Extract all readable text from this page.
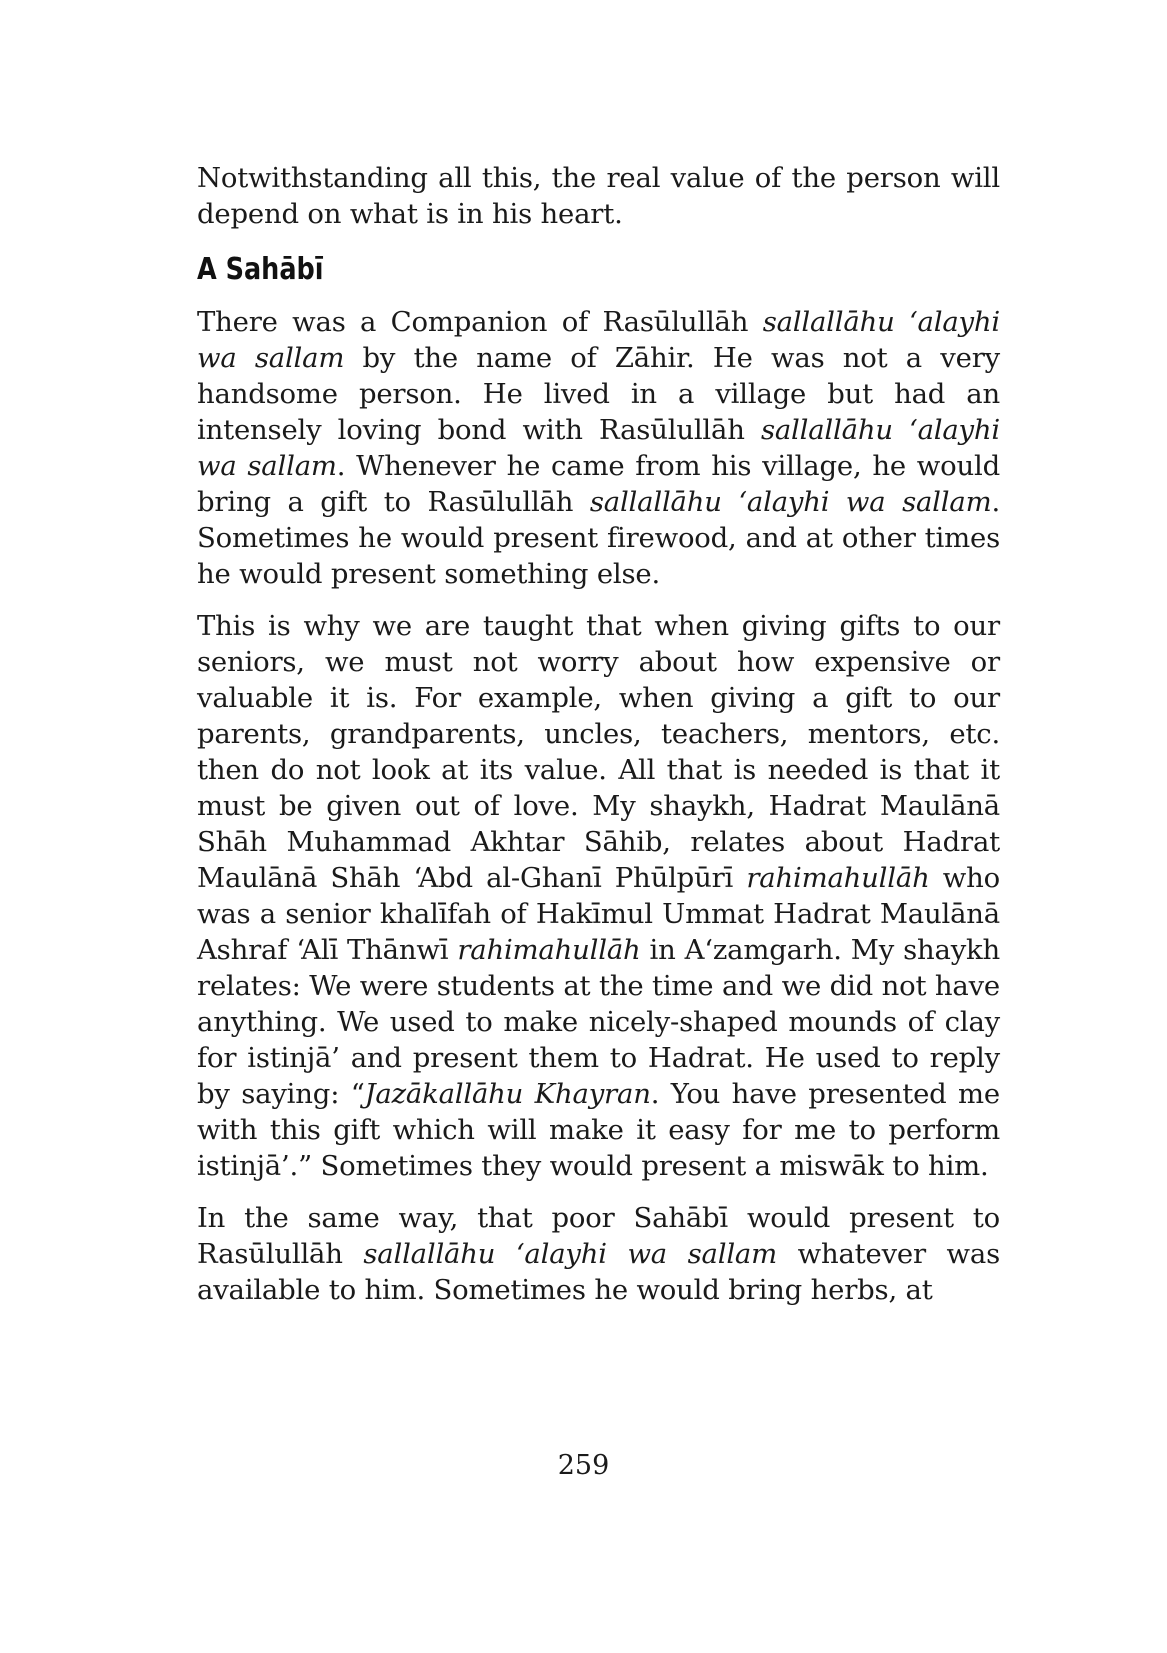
Notwithstanding all this, the real value of the person will depend on what is in his heart.

A Sahābī

There was a Companion of Rasūlullāh sallallāhu ‘alayhi wa sallam by the name of Zāhir. He was not a very handsome person. He lived in a village but had an intensely loving bond with Rasūlullāh sallallāhu ‘alayhi wa sallam. Whenever he came from his village, he would bring a gift to Rasūlullāh sallallāhu ‘alayhi wa sallam. Sometimes he would present firewood, and at other times he would present something else.

This is why we are taught that when giving gifts to our seniors, we must not worry about how expensive or valuable it is. For example, when giving a gift to our parents, grandparents, uncles, teachers, mentors, etc. then do not look at its value. All that is needed is that it must be given out of love. My shaykh, Hadrat Maulānā Shāh Muhammad Akhtar Sāhib, relates about Hadrat Maulānā Shāh ‘Abd al-Ghanī Phūlpūrī rahimahullāh who was a senior khalīfah of Hakīmul Ummat Hadrat Maulānā Ashraf ‘Alī Thānwī rahimahullāh in A‘zamgarh. My shaykh relates: We were students at the time and we did not have anything. We used to make nicely-shaped mounds of clay for istinjā’ and present them to Hadrat. He used to reply by saying: “Jazākallāhu Khayran. You have presented me with this gift which will make it easy for me to perform istinjā’.” Sometimes they would present a miswāk to him.

In the same way, that poor Sahābī would present to Rasūlullāh sallallāhu ‘alayhi wa sallam whatever was available to him. Sometimes he would bring herbs, at

259
